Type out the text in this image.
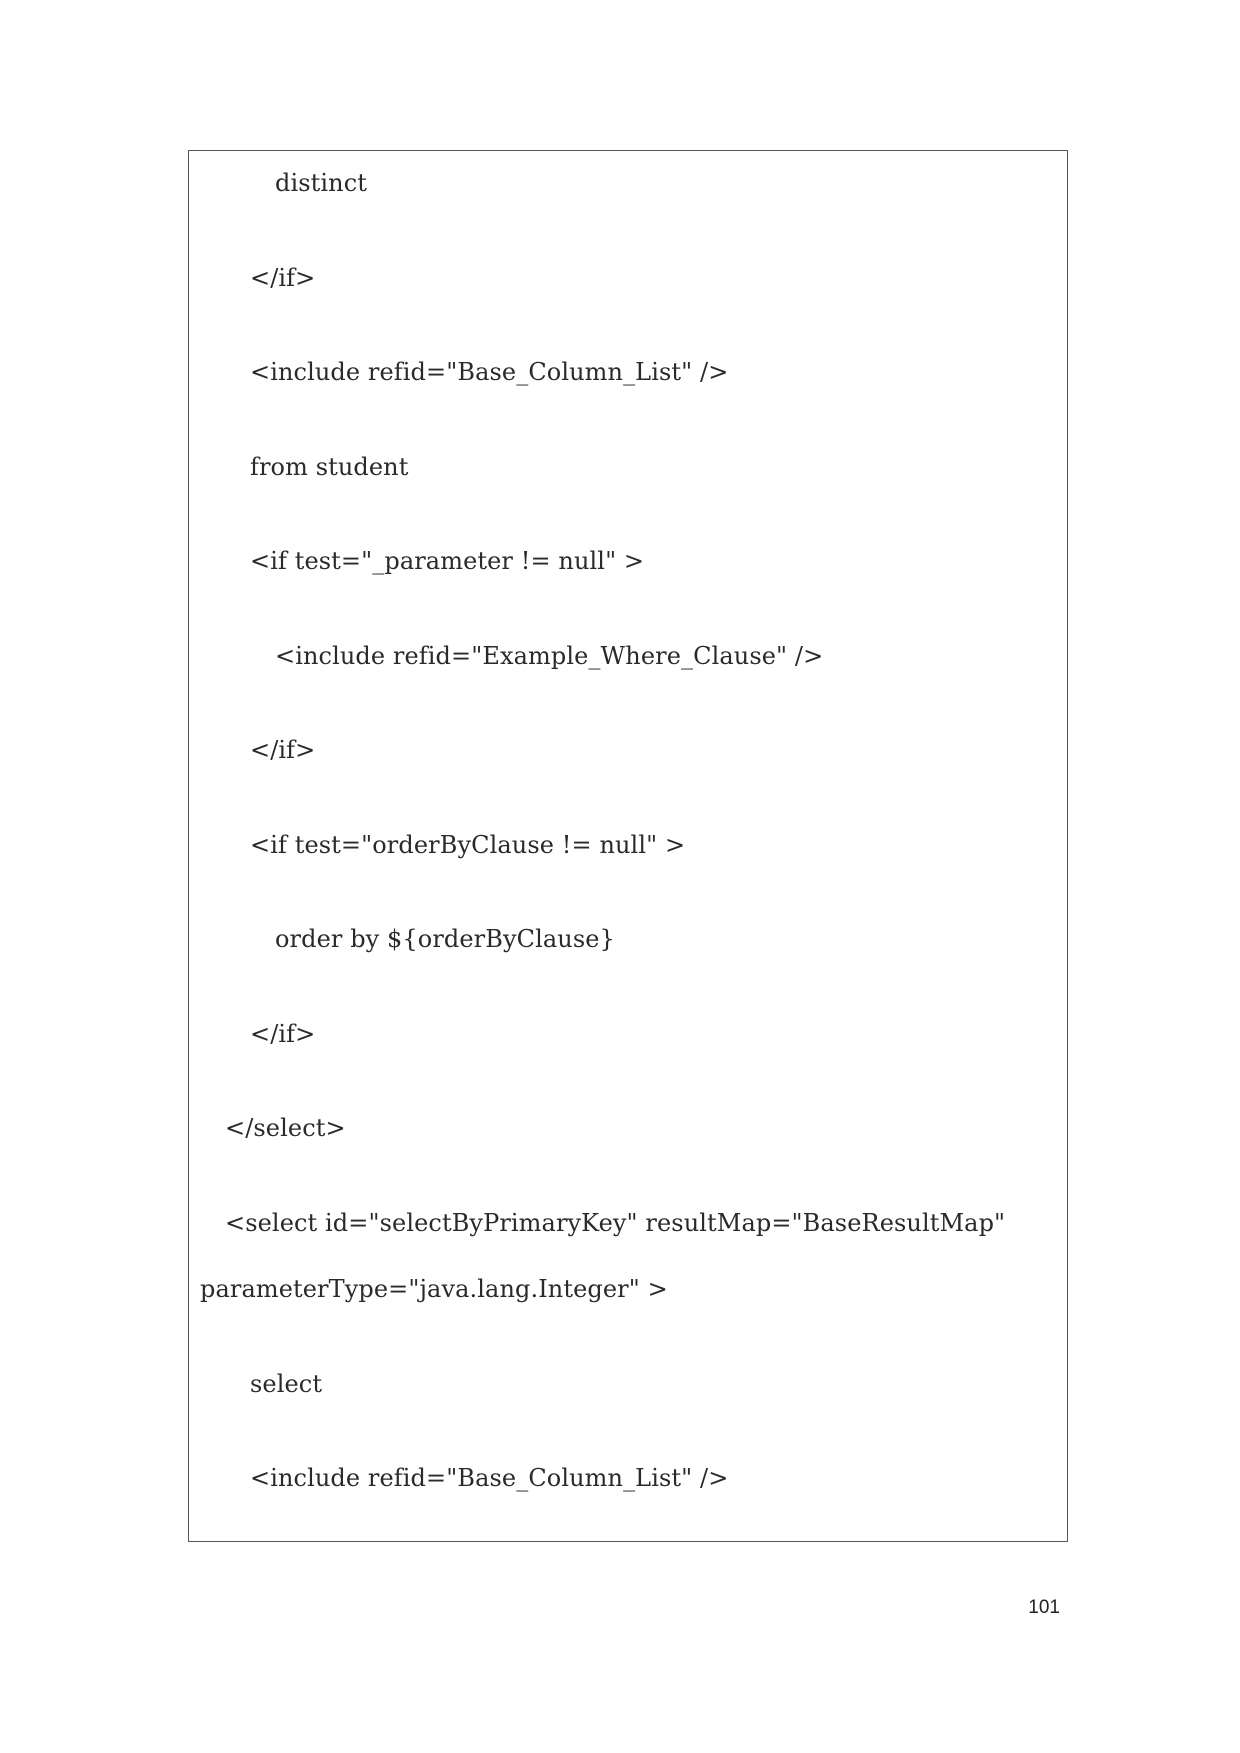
distinct
</if>
<include refid="Base_Column_List" />
from student
<if test="_parameter != null" >
<include refid="Example_Where_Clause" />
</if>
<if test="orderByClause != null" >
order by ${orderByClause}
</if>
</select>
<select id="selectByPrimaryKey" resultMap="BaseResultMap"
parameterType="java.lang.Integer" >
select
<include refid="Base_Column_List" />
101
